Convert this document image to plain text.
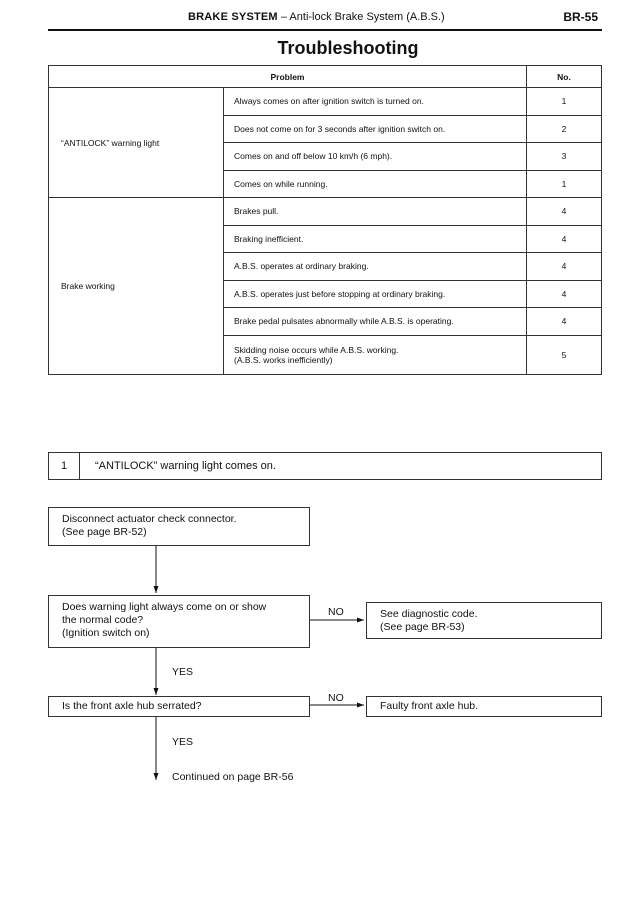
BRAKE SYSTEM – Anti-lock Brake System (A.B.S.)	BR-55
Troubleshooting
Problem		No.
“ANTILOCK” warning light	Always comes on after ignition switch is turned on.	1
	Does not come on for 3 seconds after ignition switch on.	2
	Comes on and off below 10 km/h (6 mph).	3
	Comes on while running.	1
Brake working	Brakes pull.	4
	Braking inefficient.	4
	A.B.S. operates at ordinary braking.	4
	A.B.S. operates just before stopping at ordinary braking.	4
	Brake pedal pulsates abnormally while A.B.S. is operating.	4

	Skidding noise occurs while A.B.S. working.
(A.B.S. works inefficiently)	5
1	“ANTILOCK” warning light comes on.
Disconnect actuator check connector.
(See page BR-52)
Does warning light always come on or show
the normal code?
(Ignition switch on)
See diagnostic code.
(See page BR-53)
Is the front axle hub serrated?	Faulty front axle hub.
NO
NO
YES
YES
Continued on page BR-56
